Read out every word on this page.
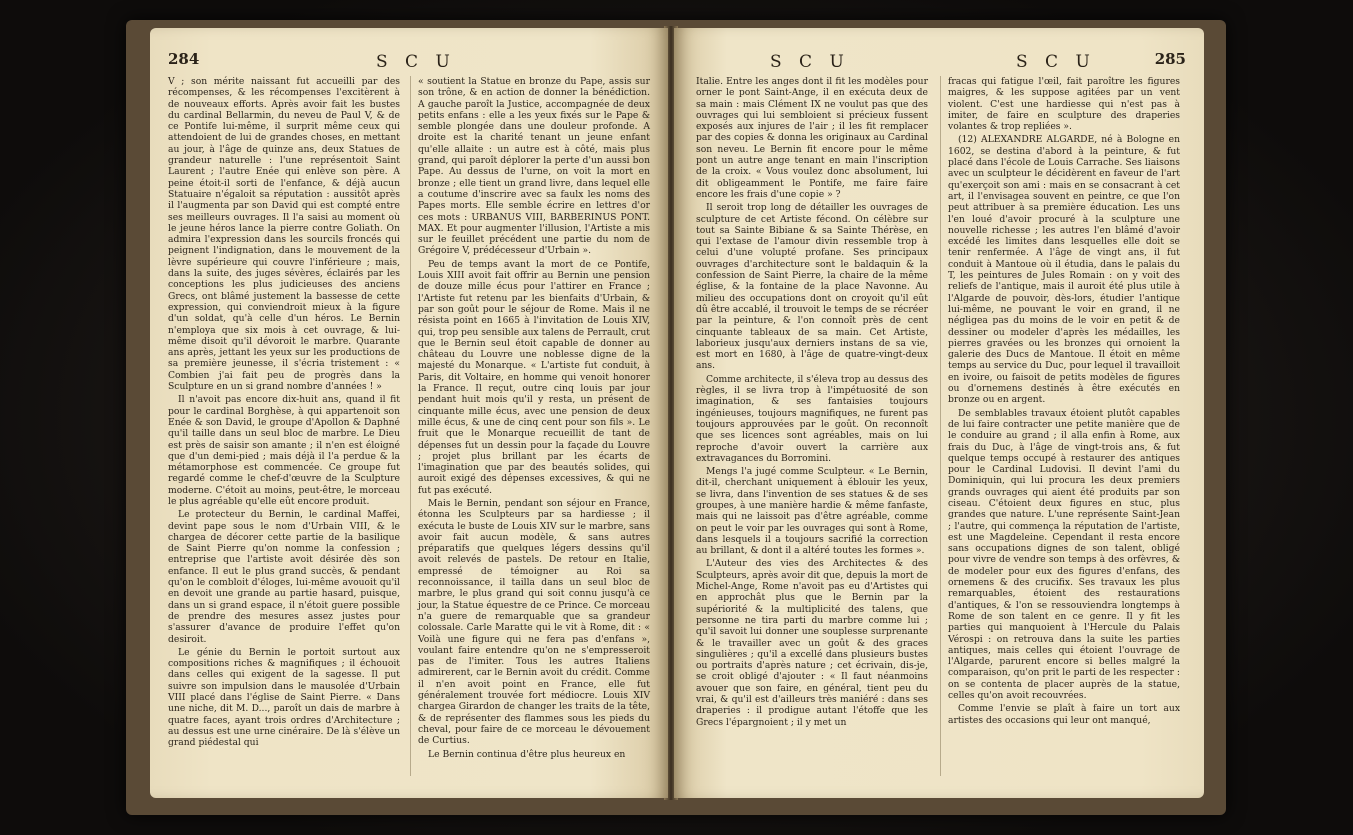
284	S C U

V ; son mérite naissant fut accueilli par des récompenses, & les récompenses l'excitèrent à de nouveaux efforts. Après avoir fait les bustes du cardinal Bellarmin, du neveu de Paul V, & de ce Pontife lui-même, il surprit même ceux qui attendoient de lui de grandes choses, en mettant au jour, à l'âge de quinze ans, deux Statues de grandeur naturelle : l'une représentoit Saint Laurent ; l'autre Enée qui enlève son père. A peine étoit-il sorti de l'enfance, & déjà aucun Statuaire n'égaloit sa réputation : aussitôt après il l'augmenta par son David qui est compté entre ses meilleurs ouvrages. Il l'a saisi au moment où le jeune héros lance la pierre contre Goliath. On admira l'expression dans les sourcils froncés qui peignent l'indignation, dans le mouvement de la lèvre supérieure qui couvre l'inférieure ; mais, dans la suite, des juges sévères, éclairés par les conceptions les plus judicieuses des anciens Grecs, ont blâmé justement la bassesse de cette expression, qui conviendroit mieux à la figure d'un soldat, qu'à celle d'un héros. Le Bernin n'employa que six mois à cet ouvrage, & lui-même disoit qu'il dévoroit le marbre. Quarante ans après, jettant les yeux sur les productions de sa première jeunesse, il s'écria tristement : « Combien j'ai fait peu de progrès dans la Sculpture en un si grand nombre d'années ! »

Il n'avoit pas encore dix-huit ans, quand il fit pour le cardinal Borghèse, à qui appartenoit son Enée & son David, le groupe d'Apollon & Daphné qu'il taille dans un seul bloc de marbre. Le Dieu est près de saisir son amante ; il n'en est éloigné que d'un demi-pied ; mais déjà il l'a perdue & la métamorphose est commencée. Ce groupe fut regardé comme le chef-d'œuvre de la Sculpture moderne. C'étoit au moins, peut-être, le morceau le plus agréable qu'elle eût encore produit.

Le protecteur du Bernin, le cardinal Maffei, devint pape sous le nom d'Urbain VIII, & le chargea de décorer cette partie de la basilique de Saint Pierre qu'on nomme la confession ; entreprise que l'artiste avoit désirée dès son enfance. Il eut le plus grand succès, & pendant qu'on le combloit d'éloges, lui-même avouoit qu'il en devoit une grande au partie hasard, puisque, dans un si grand espace, il n'étoit guere possible de prendre des mesures assez justes pour s'assurer d'avance de produire l'effet qu'on desiroit.

Le génie du Bernin le portoit surtout aux compositions riches & magnifiques ; il échouoit dans celles qui exigent de la sagesse. Il put suivre son impulsion dans le mausolée d'Urbain VIII placé dans l'église de Saint Pierre. « Dans une niche, dit M. D..., paroît un dais de marbre à quatre faces, ayant trois ordres d'Architecture ; au dessus est une urne cinéraire. De là s'élève un grand piédestal qui

« soutient la Statue en bronze du Pape, assis sur son trône, & en action de donner la bénédiction. A gauche paroît la Justice, accompagnée de deux petits enfans : elle a les yeux fixés sur le Pape & semble plongée dans une douleur profonde. A droite est la charité tenant un jeune enfant qu'elle allaite : un autre est à côté, mais plus grand, qui paroît déplorer la perte d'un aussi bon Pape. Au dessus de l'urne, on voit la mort en bronze ; elle tient un grand livre, dans lequel elle a coutume d'inscrire avec sa faulx les noms des Papes morts. Elle semble écrire en lettres d'or ces mots : URBANUS VIII, BARBERINUS PONT. MAX. Et pour augmenter l'illusion, l'Artiste a mis sur le feuillet précédent une partie du nom de Grégoire V, prédécesseur d'Urbain ».

Peu de temps avant la mort de ce Pontife, Louis XIII avoit fait offrir au Bernin une pension de douze mille écus pour l'attirer en France ; l'Artiste fut retenu par les bienfaits d'Urbain, & par son goût pour le séjour de Rome. Mais il ne résista point en 1665 à l'invitation de Louis XIV, qui, trop peu sensible aux talens de Perrault, crut que le Bernin seul étoit capable de donner au château du Louvre une noblesse digne de la majesté du Monarque. « L'artiste fut conduit, à Paris, dit Voltaire, en homme qui venoit honorer la France. Il reçut, outre cinq louis par jour pendant huit mois qu'il y resta, un présent de cinquante mille écus, avec une pension de deux mille écus, & une de cinq cent pour son fils ». Le fruit que le Monarque recueillit de tant de dépenses fut un dessin pour la façade du Louvre ; projet plus brillant par les écarts de l'imagination que par des beautés solides, qui auroit exigé des dépenses excessives, & qui ne fut pas exécuté.

Mais le Bernin, pendant son séjour en France, étonna les Sculpteurs par sa hardiesse ; il exécuta le buste de Louis XIV sur le marbre, sans avoir fait aucun modèle, & sans autres préparatifs que quelques légers dessins qu'il avoit relevés de pastels. De retour en Italie, empressé de témoigner au Roi sa reconnoissance, il tailla dans un seul bloc de marbre, le plus grand qui soit connu jusqu'à ce jour, la Statue équestre de ce Prince. Ce morceau n'a guere de remarquable que sa grandeur colossale. Carle Maratte qui le vit à Rome, dit : « Voilà une figure qui ne fera pas d'enfans », voulant faire entendre qu'on ne s'empresseroit pas de l'imiter. Tous les autres Italiens admirerent, car le Bernin avoit du crédit. Comme il n'en avoit point en France, elle fut généralement trouvée fort médiocre. Louis XIV chargea Girardon de changer les traits de la tête, & de représenter des flammes sous les pieds du cheval, pour faire de ce morceau le dévouement de Curtius.

Le Bernin continua d'être plus heureux en

S C U	S C U	285

Italie. Entre les anges dont il fit les modèles pour orner le pont Saint-Ange, il en exécuta deux de sa main : mais Clément IX ne voulut pas que des ouvrages qui lui sembloient si précieux fussent exposés aux injures de l'air ; il les fit remplacer par des copies & donna les originaux au Cardinal son neveu. Le Bernin fit encore pour le même pont un autre ange tenant en main l'inscription de la croix. « Vous voulez donc absolument, lui dit obligeamment le Pontife, me faire faire encore les frais d'une copie » ?

Il seroit trop long de détailler les ouvrages de sculpture de cet Artiste fécond. On célèbre sur tout sa Sainte Bibiane & sa Sainte Thérèse, en qui l'extase de l'amour divin ressemble trop à celui d'une volupté profane. Ses principaux ouvrages d'architecture sont le baldaquin & la confession de Saint Pierre, la chaire de la même église, & la fontaine de la place Navonne. Au milieu des occupations dont on croyoit qu'il eût dû être accablé, il trouvoit le temps de se récréer par la peinture, & l'on connoît près de cent cinquante tableaux de sa main. Cet Artiste, laborieux jusqu'aux derniers instans de sa vie, est mort en 1680, à l'âge de quatre-vingt-deux ans.

Comme architecte, il s'éleva trop au dessus des règles, il se livra trop à l'impétuosité de son imagination, & ses fantaisies toujours ingénieuses, toujours magnifiques, ne furent pas toujours approuvées par le goût. On reconnoît que ses licences sont agréables, mais on lui reproche d'avoir ouvert la carrière aux extravagances du Borromini.

Mengs l'a jugé comme Sculpteur. « Le Bernin, dit-il, cherchant uniquement à éblouir les yeux, se livra, dans l'invention de ses statues & de ses groupes, à une manière hardie & même fanfaste, mais qui ne laissoit pas d'être agréable, comme on peut le voir par les ouvrages qui sont à Rome, dans lesquels il a toujours sacrifié la correction au brillant, & dont il a altéré toutes les formes ».

L'Auteur des vies des Architectes & des Sculpteurs, après avoir dit que, depuis la mort de Michel-Ange, Rome n'avoit pas eu d'Artistes qui en approchât plus que le Bernin par la supériorité & la multiplicité des talens, que personne ne tira parti du marbre comme lui ; qu'il savoit lui donner une souplesse surprenante & le travailler avec un goût & des graces singulières ; qu'il a excellé dans plusieurs bustes ou portraits d'après nature ; cet écrivain, dis-je, se croit obligé d'ajouter : « Il faut néanmoins avouer que son faire, en général, tient peu du vrai, & qu'il est d'ailleurs très maniéré : dans ses draperies : il prodigue autant l'étoffe que les Grecs l'épargnoient ; il y met un

fracas qui fatigue l'œil, fait paroître les figures maigres, & les suppose agitées par un vent violent. C'est une hardiesse qui n'est pas à imiter, de faire en sculpture des draperies volantes & trop repliées ».

(12) ALEXANDRE ALGARDE, né à Bologne en 1602, se destina d'abord à la peinture, & fut placé dans l'école de Louis Carrache. Ses liaisons avec un sculpteur le décidèrent en faveur de l'art qu'exerçoit son ami : mais en se consacrant à cet art, il l'envisagea souvent en peintre, ce que l'on peut attribuer à sa première éducation. Les uns l'en loué d'avoir procuré à la sculpture une nouvelle richesse ; les autres l'en blâmé d'avoir excédé les limites dans lesquelles elle doit se tenir renfermée. A l'âge de vingt ans, il fut conduit à Mantoue où il étudia, dans le palais du T, les peintures de Jules Romain : on y voit des reliefs de l'antique, mais il auroit été plus utile à l'Algarde de pouvoir, dès-lors, étudier l'antique lui-même, ne pouvant le voir en grand, il ne négligea pas du moins de le voir en petit & de dessiner ou modeler d'après les médailles, les pierres gravées ou les bronzes qui ornoient la galerie des Ducs de Mantoue. Il étoit en même temps au service du Duc, pour lequel il travailloit en ivoire, ou faisoit de petits modèles de figures ou d'ornemens destinés à être exécutés en bronze ou en argent.

De semblables travaux étoient plutôt capables de lui faire contracter une petite manière que de le conduire au grand ; il alla enfin à Rome, aux frais du Duc, à l'âge de vingt-trois ans, & fut quelque temps occupé à restaurer des antiques pour le Cardinal Ludovisi. Il devint l'ami du Dominiquin, qui lui procura les deux premiers grands ouvrages qui aient été produits par son ciseau. C'étoient deux figures en stuc, plus grandes que nature. L'une représente Saint-Jean ; l'autre, qui commença la réputation de l'artiste, est une Magdeleine. Cependant il resta encore sans occupations dignes de son talent, obligé pour vivre de vendre son temps à des orfèvres, & de modeler pour eux des figures d'enfans, des ornemens & des crucifix. Ses travaux les plus remarquables, étoient des restaurations d'antiques, & l'on se ressouviendra longtemps à Rome de son talent en ce genre. Il y fit les parties qui manquoient à l'Hercule du Palais Vérospi : on retrouva dans la suite les parties antiques, mais celles qui étoient l'ouvrage de l'Algarde, parurent encore si belles malgré la comparaison, qu'on prit le parti de les respecter : on se contenta de placer auprès de la statue, celles qu'on avoit recouvrées.

Comme l'envie se plaît à faire un tort aux artistes des occasions qui leur ont manqué,
